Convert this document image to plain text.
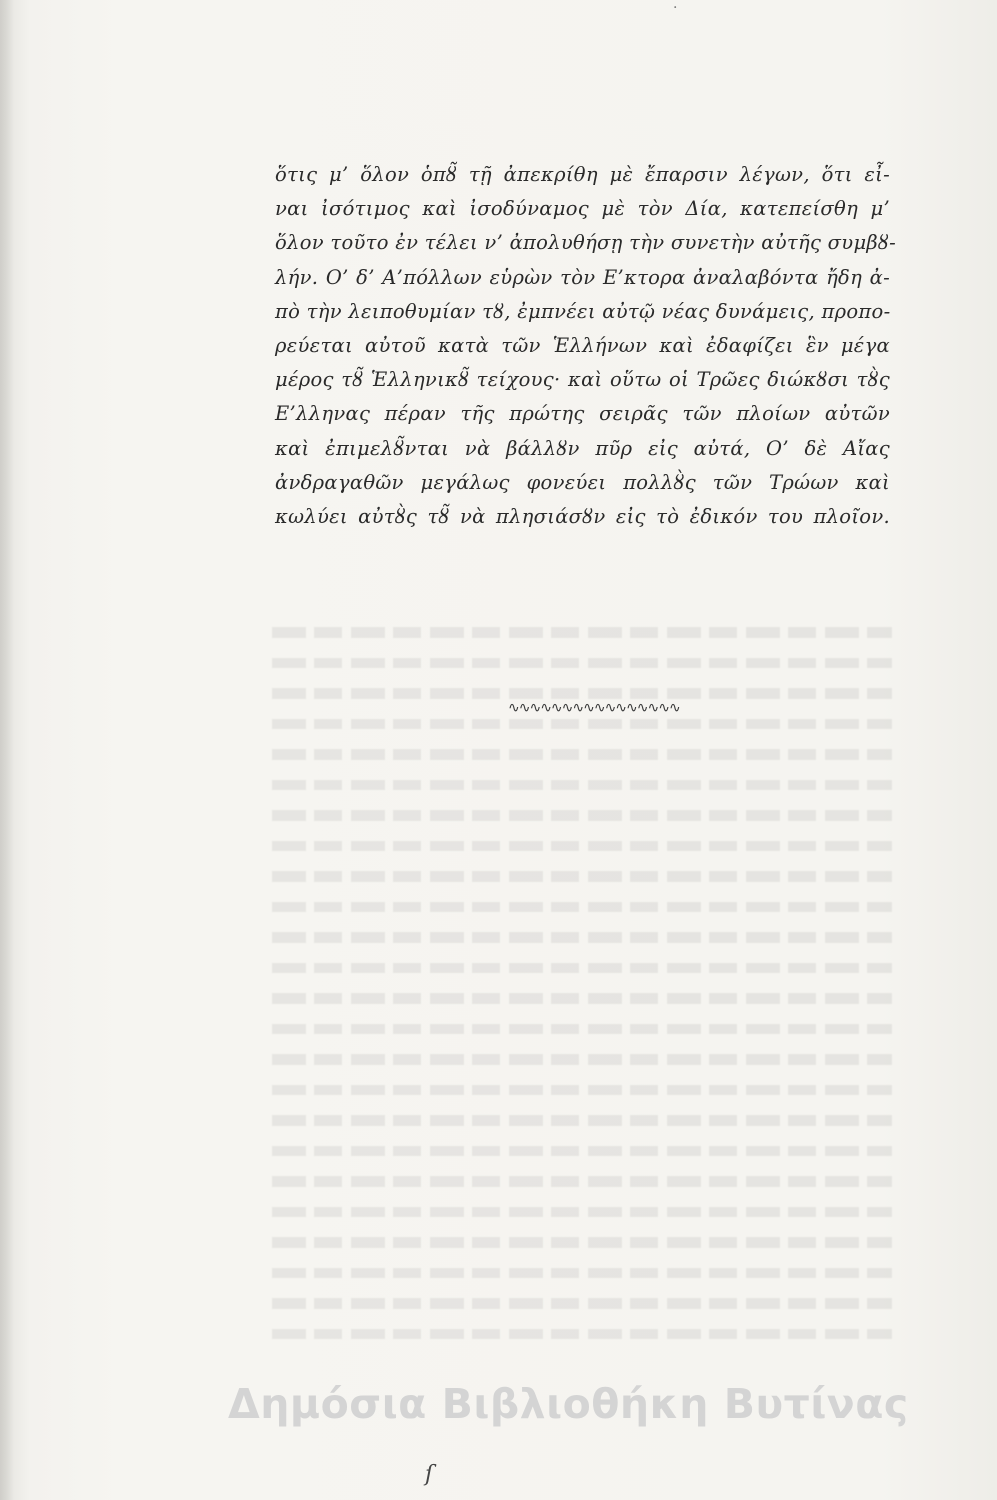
·
ὅτις μ’ ὅλον ὁπȣ̃ τῇ ἀπεκρίθη μὲ ἔπαρσιν λέγων, ὅτι εἶ-
ναι ἰσότιμος καὶ ἰσοδύναμος μὲ τὸν Δία, κατεπείσθη μ’
ὅλον τοῦτο ἐν τέλει ν’ ἀπολυθήσῃ τὴν συνετὴν αὐτῆς συμβȣ-
λήν. Ο’ δ’ Α’πόλλων εὑρὼν τὸν Ε’κτορα ἀναλαβόντα ἤδη ἀ-
πὸ τὴν λειποθυμίαν τȣ, ἐμπνέει αὐτῷ νέας δυνάμεις, προπο-
ρεύεται αὐτοῦ κατὰ τῶν Ἑλλήνων καὶ ἐδαφίζει ἓν μέγα
μέρος τȣ̃ Ἑλληνικȣ̃ τείχους· καὶ οὕτω οἱ Τρῶες διώκȣσι τȣ̀ς
Ε’λληνας πέραν τῆς πρώτης σειρᾶς τῶν πλοίων αὐτῶν
καὶ ἐπιμελȣ̃νται νὰ βάλλȣν πῦρ εἰς αὐτά, Ο’ δὲ Αἴας
ἀνδραγαθῶν μεγάλως φονεύει πολλȣ̀ς τῶν Τρώων καὶ
κωλύει αὐτȣ̀ς τȣ̃ νὰ πλησιάσȣν εἰς τὸ ἐδικόν του πλοῖον.
∿∿∿∿∿∿∿∿∿∿∿∿∿∿∿∿
Δημόσια Βιβλιοθήκη Βυτίνας
ſ
